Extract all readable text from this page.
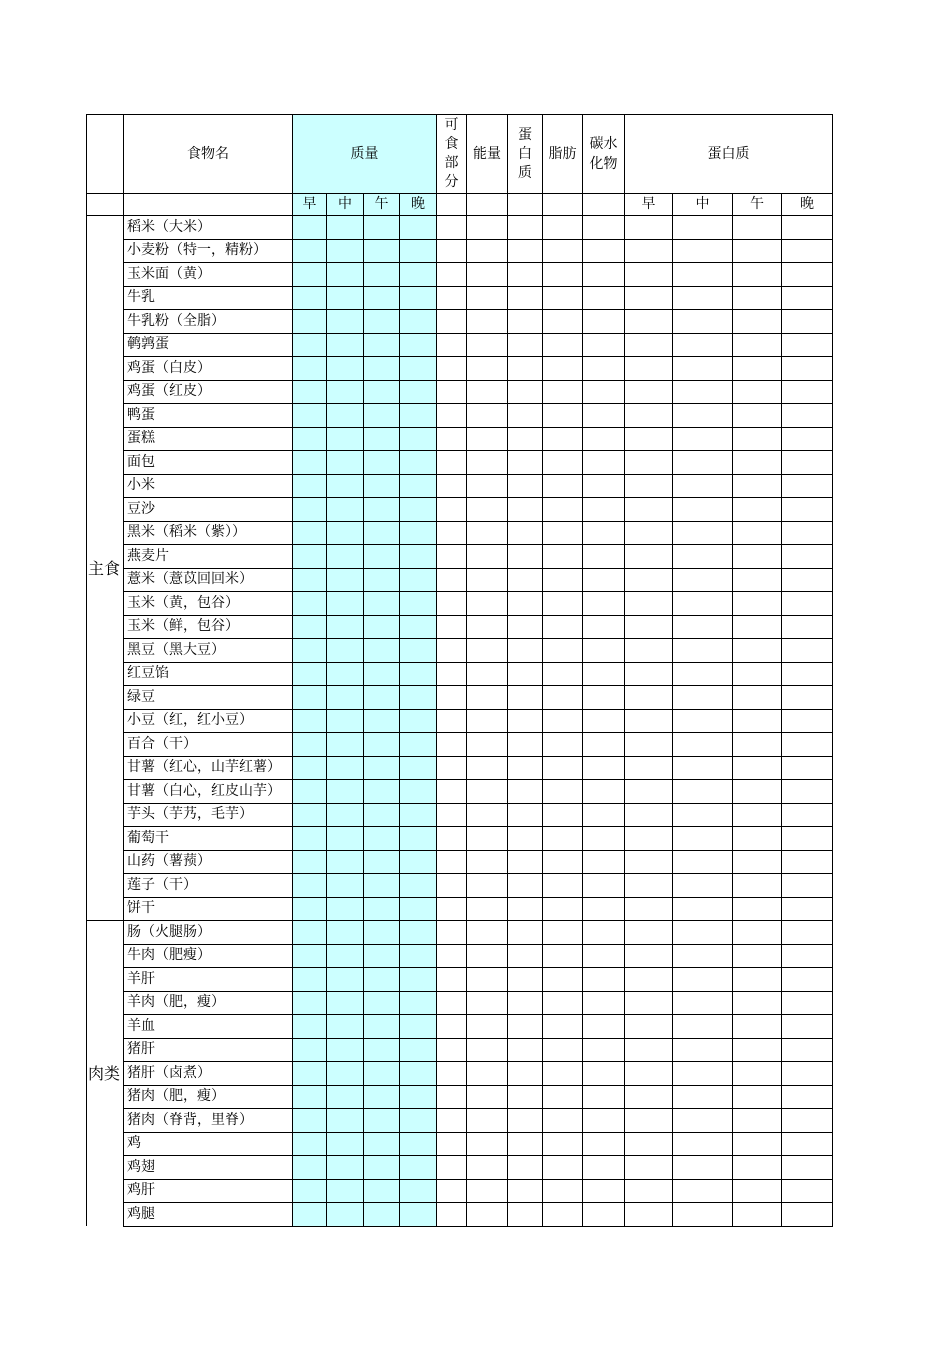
	食物名	质量				可
食
部
分	能量	蛋
白
质	脂肪	碳水
化物	蛋白质			
		早	中	午	晚						早	中	午	晚
主食	稻米（大米）													
	小麦粉（特一，精粉）													
	玉米面（黄）													
	牛乳													
	牛乳粉（全脂）													
	鹌鹑蛋													
	鸡蛋（白皮）													
	鸡蛋（红皮）													
	鸭蛋													
	蛋糕													
	面包													
	小米													
	豆沙													
	黑米（稻米（紫））													
	燕麦片													
	薏米（薏苡回回米）													
	玉米（黄，包谷）													
	玉米（鲜，包谷）													
	黑豆（黑大豆）													
	红豆馅													
	绿豆													
	小豆（红，红小豆）													
	百合（干）													
	甘薯（红心，山芋红薯）													
	甘薯（白心，红皮山芋）													
	芋头（芋艿，毛芋）													
	葡萄干													
	山药（薯蓣）													
	莲子（干）													
	饼干													
肉类	肠（火腿肠）													
	牛肉（肥瘦）													
	羊肝													
	羊肉（肥，瘦）													
	羊血													
	猪肝													
	猪肝（卤煮）													
	猪肉（肥，瘦）													
	猪肉（脊背，里脊）													
	鸡													
	鸡翅													
	鸡肝													
	鸡腿													
